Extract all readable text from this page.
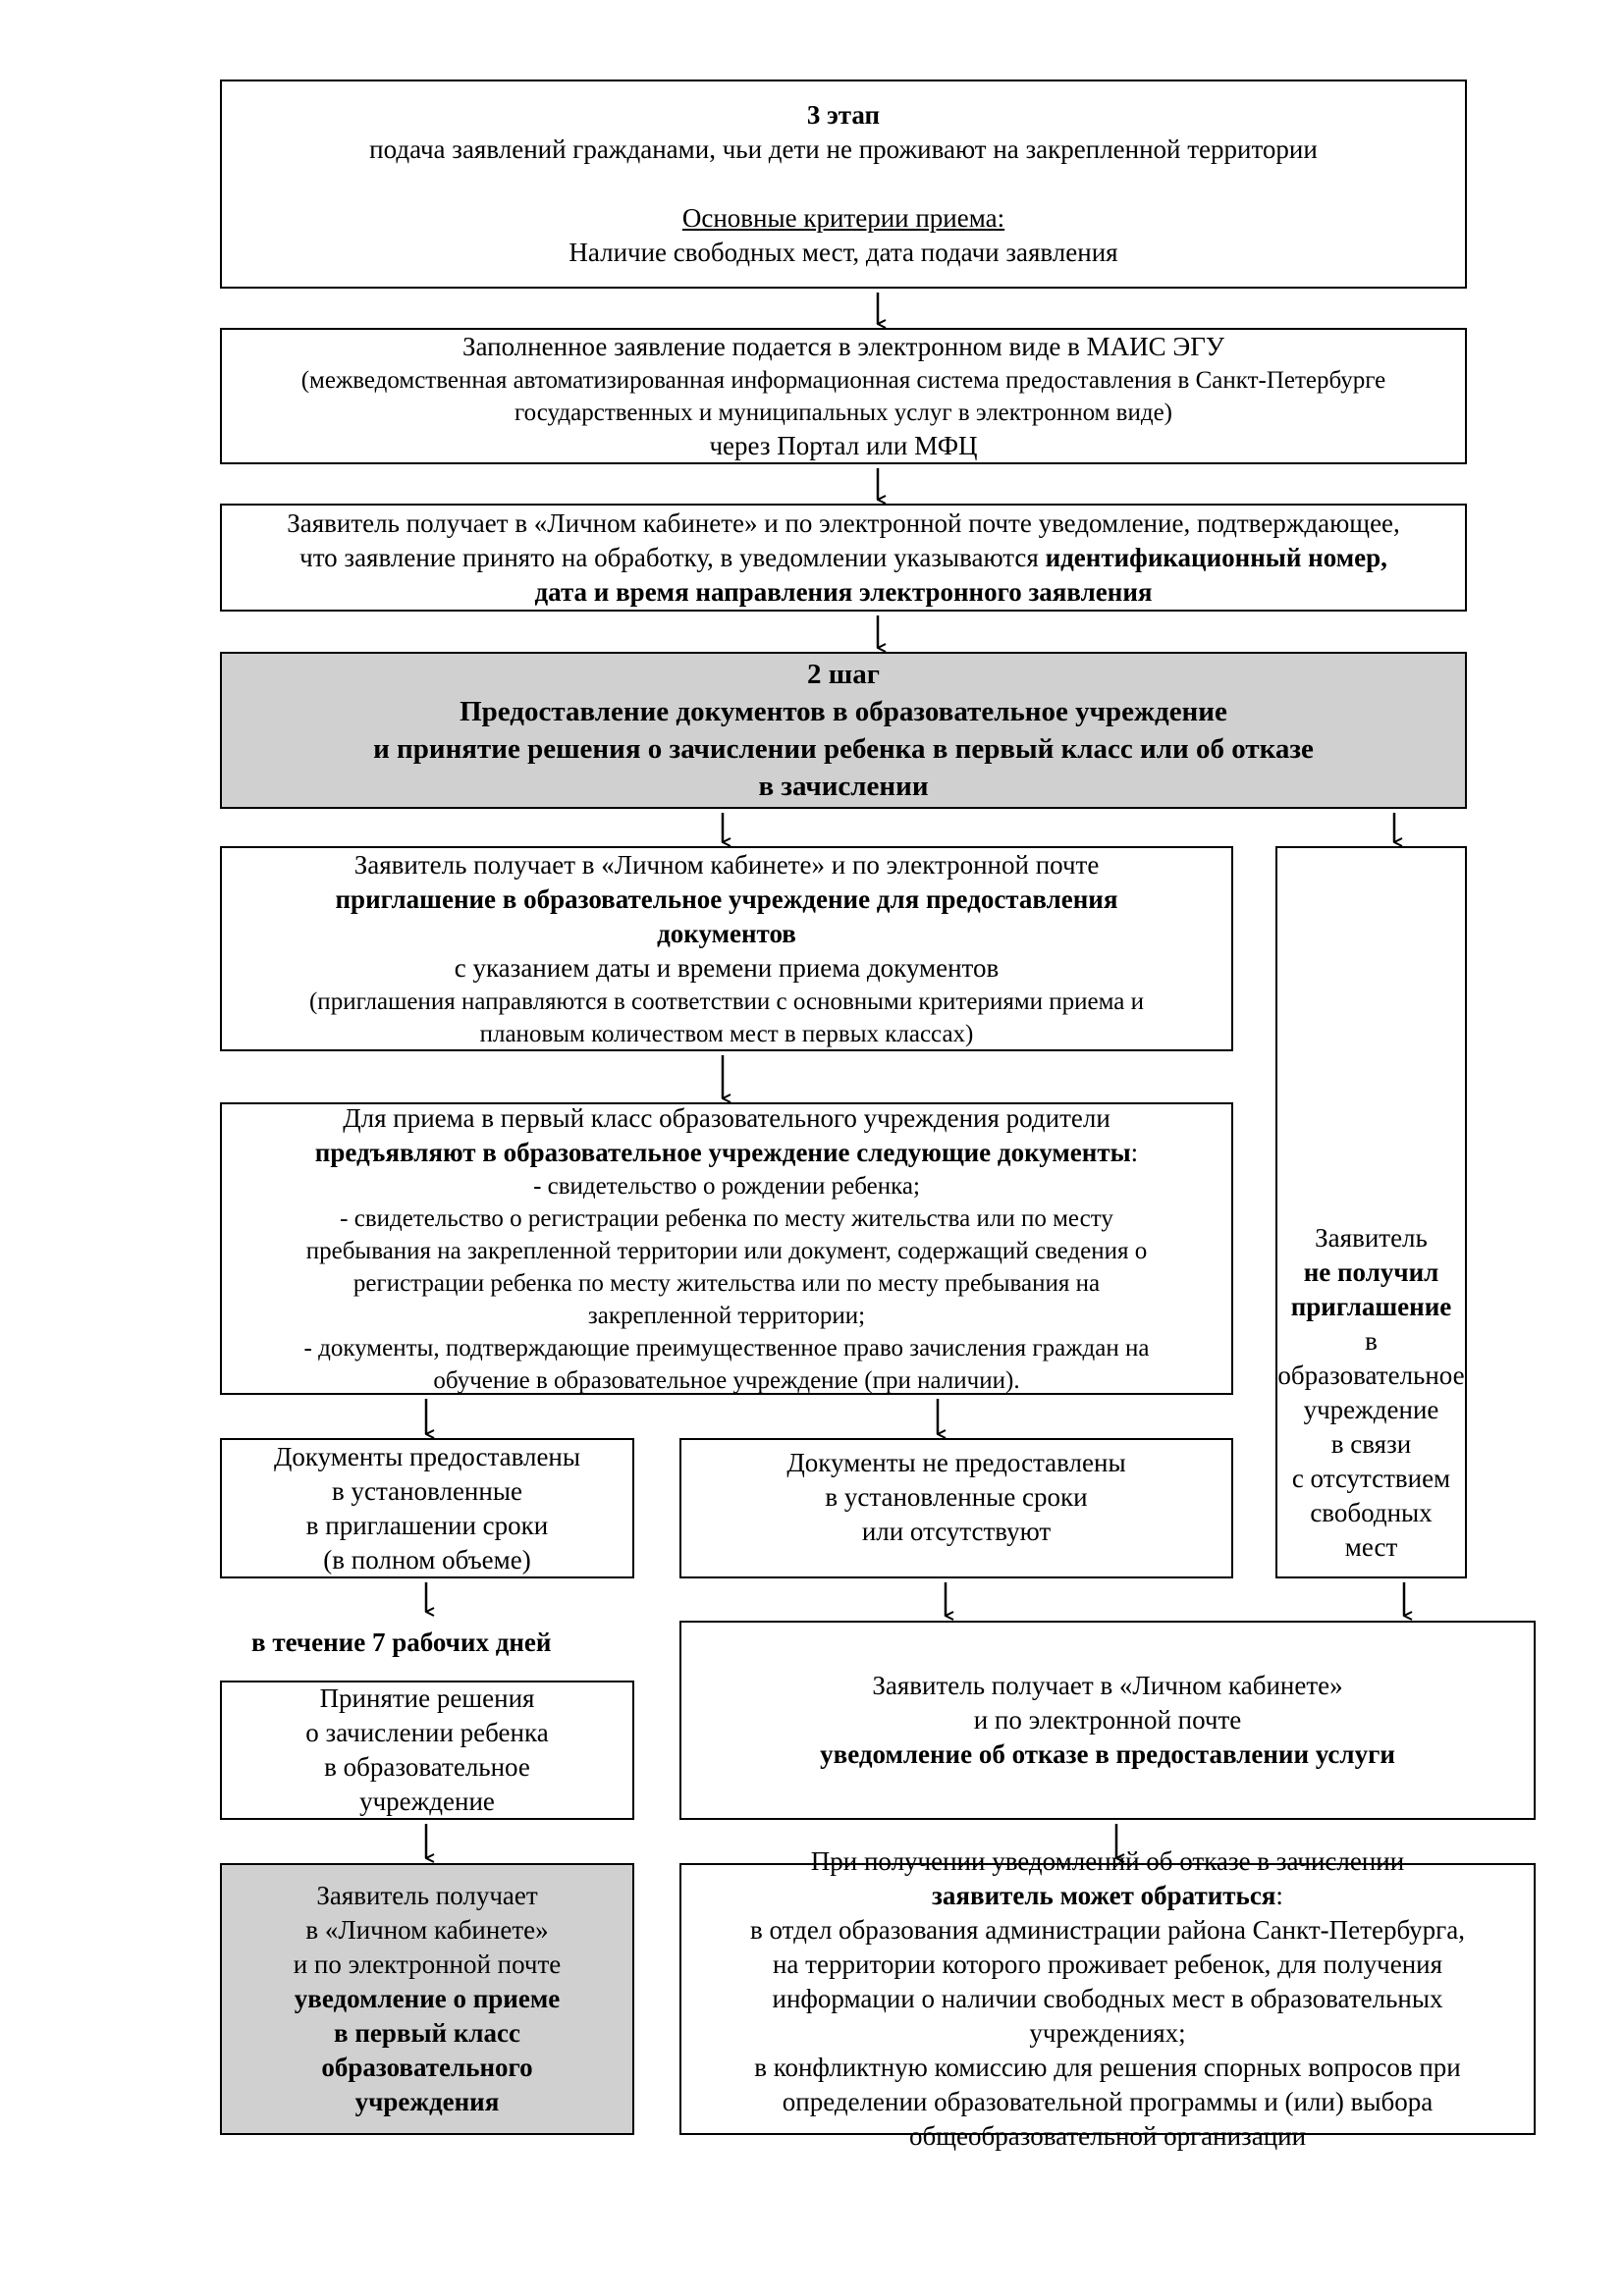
3 этап
подача заявлений гражданами, чьи дети не проживают на закрепленной территории
Основные критерии приема:
Наличие свободных мест, дата подачи заявления
Заполненное заявление подается в электронном виде в МАИС ЭГУ
(межведомственная автоматизированная информационная система предоставления в Санкт-Петербурге
государственных и муниципальных услуг в электронном виде)
через Портал или МФЦ
Заявитель получает в «Личном кабинете» и по электронной почте уведомление, подтверждающее,
что заявление принято на обработку, в уведомлении указываются идентификационный номер,
дата и время направления электронного заявления
2 шаг
Предоставление документов в образовательное учреждение
и принятие решения о зачислении ребенка в первый класс или об отказе
в зачислении
Заявитель получает в «Личном кабинете» и по электронной почте
приглашение в образовательное учреждение для предоставления
документов
с указанием даты и времени приема документов
(приглашения направляются в соответствии с основными критериями приема и
плановым количеством мест в первых классах)
Заявитель
не получил
приглашение
в
образовательное
учреждение
в связи
с отсутствием
свободных мест
Для приема в первый класс образовательного учреждения родители
предъявляют в образовательное учреждение следующие документы:
- свидетельство о рождении ребенка;
- свидетельство о регистрации ребенка по месту жительства или по месту
пребывания на закрепленной территории или документ, содержащий сведения о
регистрации ребенка по месту жительства или по месту пребывания на
закрепленной территории;
- документы, подтверждающие преимущественное право зачисления граждан на
обучение в образовательное учреждение (при наличии).
Документы предоставлены
в установленные
в приглашении сроки
(в полном объеме)
Документы не предоставлены
в установленные сроки
или отсутствуют
в течение 7 рабочих дней
Принятие решения
о зачислении ребенка
в образовательное
учреждение
Заявитель получает в «Личном кабинете»
и по электронной почте
уведомление об отказе в предоставлении услуги
Заявитель получает
в «Личном кабинете»
и по электронной почте
уведомление о приеме
в первый класс
образовательного
учреждения
При получении уведомлений об отказе в зачислении
заявитель может обратиться:
в отдел образования администрации района Санкт-Петербурга,
на территории которого проживает ребенок, для получения
информации о наличии свободных мест в образовательных
учреждениях;
в конфликтную комиссию для решения спорных вопросов при
определении образовательной программы и (или) выбора
общеобразовательной организации
